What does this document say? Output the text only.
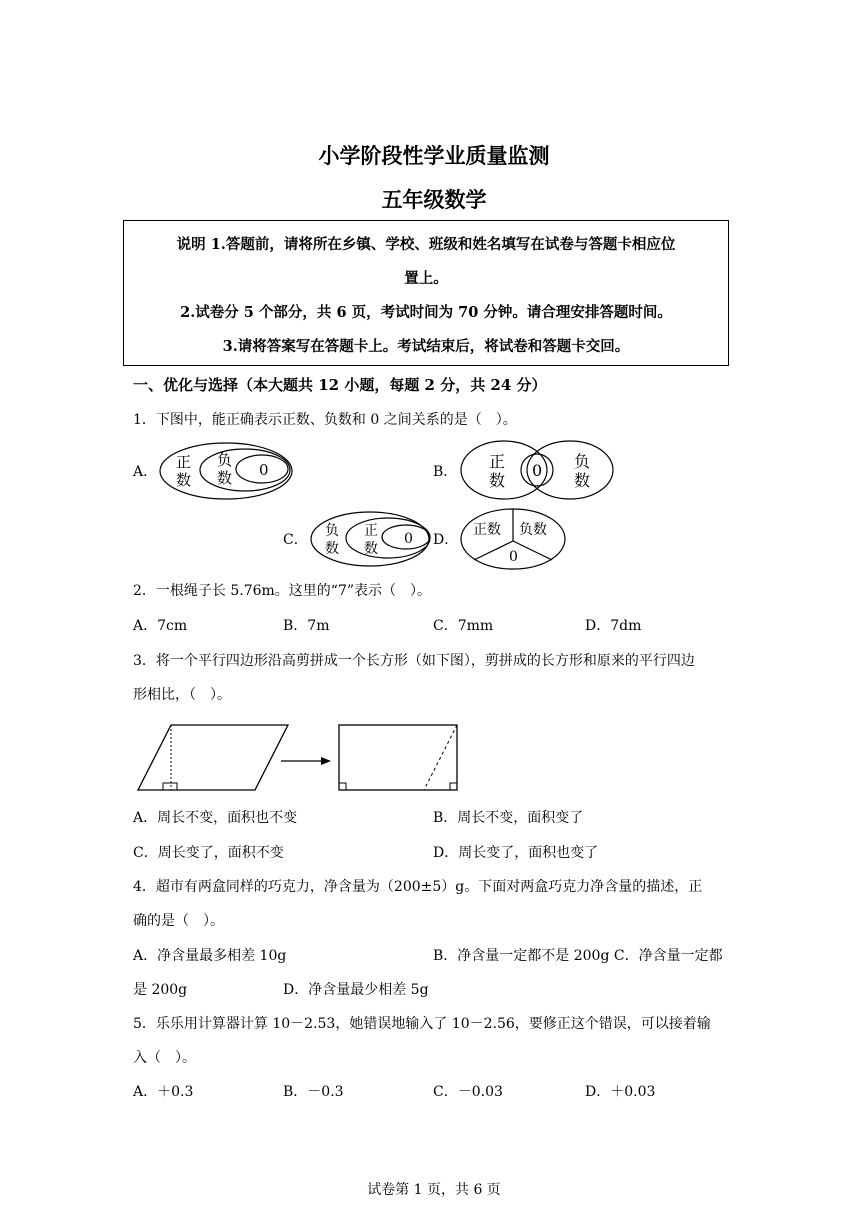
小学阶段性学业质量监测
五年级数学
说明 1.答题前，请将所在乡镇、学校、班级和姓名填写在试卷与答题卡相应位
置上。
2.试卷分 5 个部分，共 6 页，考试时间为 70 分钟。请合理安排答题时间。
3.请将答案写在答题卡上。考试结束后，将试卷和答题卡交回。
一、优化与选择（本大题共 12 小题，每题 2 分，共 24 分）
1．下图中，能正确表示正数、负数和 0 之间关系的是（　）。
A．
正
数
负
数 0	B．
正
数
0 负
数
C．
负
数
正
数
0 D．
正数 负数
0
2．一根绳子长 5.76m。这里的“7”表示（　）。
A．7cm	B．7m	C．7mm	D．7dm
3．将一个平行四边形沿高剪拼成一个长方形（如下图），剪拼成的长方形和原来的平行四边
形相比，（　）。
A．周长不变，面积也不变	B．周长不变，面积变了
C．周长变了，面积不变	D．周长变了，面积也变了
4．超市有两盒同样的巧克力，净含量为（200±5）g。下面对两盒巧克力净含量的描述，正
确的是（　）。
A．净含量最多相差 10g	B．净含量一定都不是 200g C．净含量一定都
是 200g	D．净含量最少相差 5g
5．乐乐用计算器计算 10－2.53，她错误地输入了 10－2.56，要修正这个错误，可以接着输
入（　）。
A．＋0.3	B．－0.3	C．－0.03	D．＋0.03
试卷第 1 页，共 6 页
